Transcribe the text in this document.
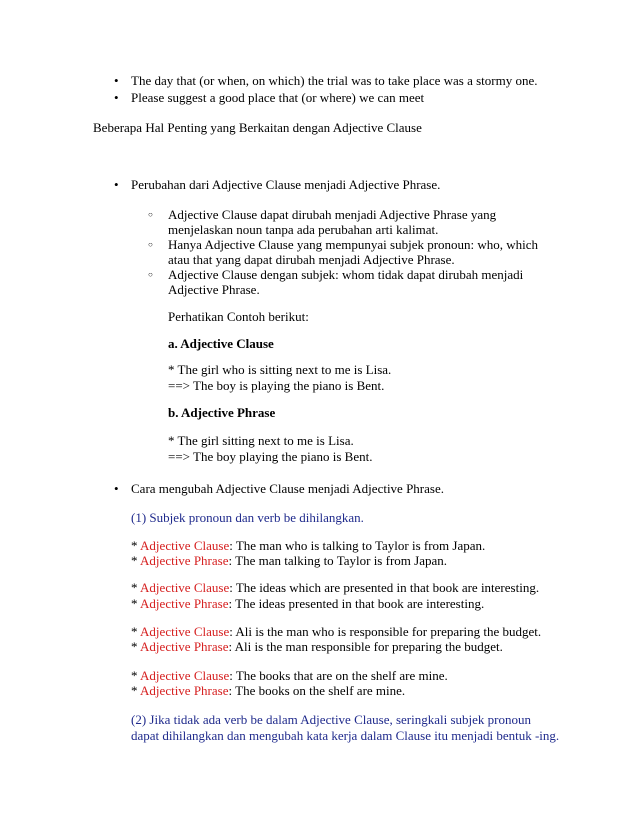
• The day that (or when, on which) the trial was to take place was a stormy one.
• Please suggest a good place that (or where) we can meet
Beberapa Hal Penting yang Berkaitan dengan Adjective Clause
• Perubahan dari Adjective Clause menjadi Adjective Phrase.
○ Adjective Clause dapat dirubah menjadi Adjective Phrase yang
menjelaskan noun tanpa ada perubahan arti kalimat.
○ Hanya Adjective Clause yang mempunyai subjek pronoun: who, which
atau that yang dapat dirubah menjadi Adjective Phrase.
○ Adjective Clause dengan subjek: whom tidak dapat dirubah menjadi
Adjective Phrase.
Perhatikan Contoh berikut:
a. Adjective Clause
* The girl who is sitting next to me is Lisa.
==> The boy is playing the piano is Bent.
b. Adjective Phrase
* The girl sitting next to me is Lisa.
==> The boy playing the piano is Bent.
• Cara mengubah Adjective Clause menjadi Adjective Phrase.
(1) Subjek pronoun dan verb be dihilangkan.
* Adjective Clause: The man who is talking to Taylor is from Japan.
* Adjective Phrase: The man talking to Taylor is from Japan.
* Adjective Clause: The ideas which are presented in that book are interesting.
* Adjective Phrase: The ideas presented in that book are interesting.
* Adjective Clause: Ali is the man who is responsible for preparing the budget.
* Adjective Phrase: Ali is the man responsible for preparing the budget.
* Adjective Clause: The books that are on the shelf are mine.
* Adjective Phrase: The books on the shelf are mine.
(2) Jika tidak ada verb be dalam Adjective Clause, seringkali subjek pronoun
dapat dihilangkan dan mengubah kata kerja dalam Clause itu menjadi bentuk -ing.
